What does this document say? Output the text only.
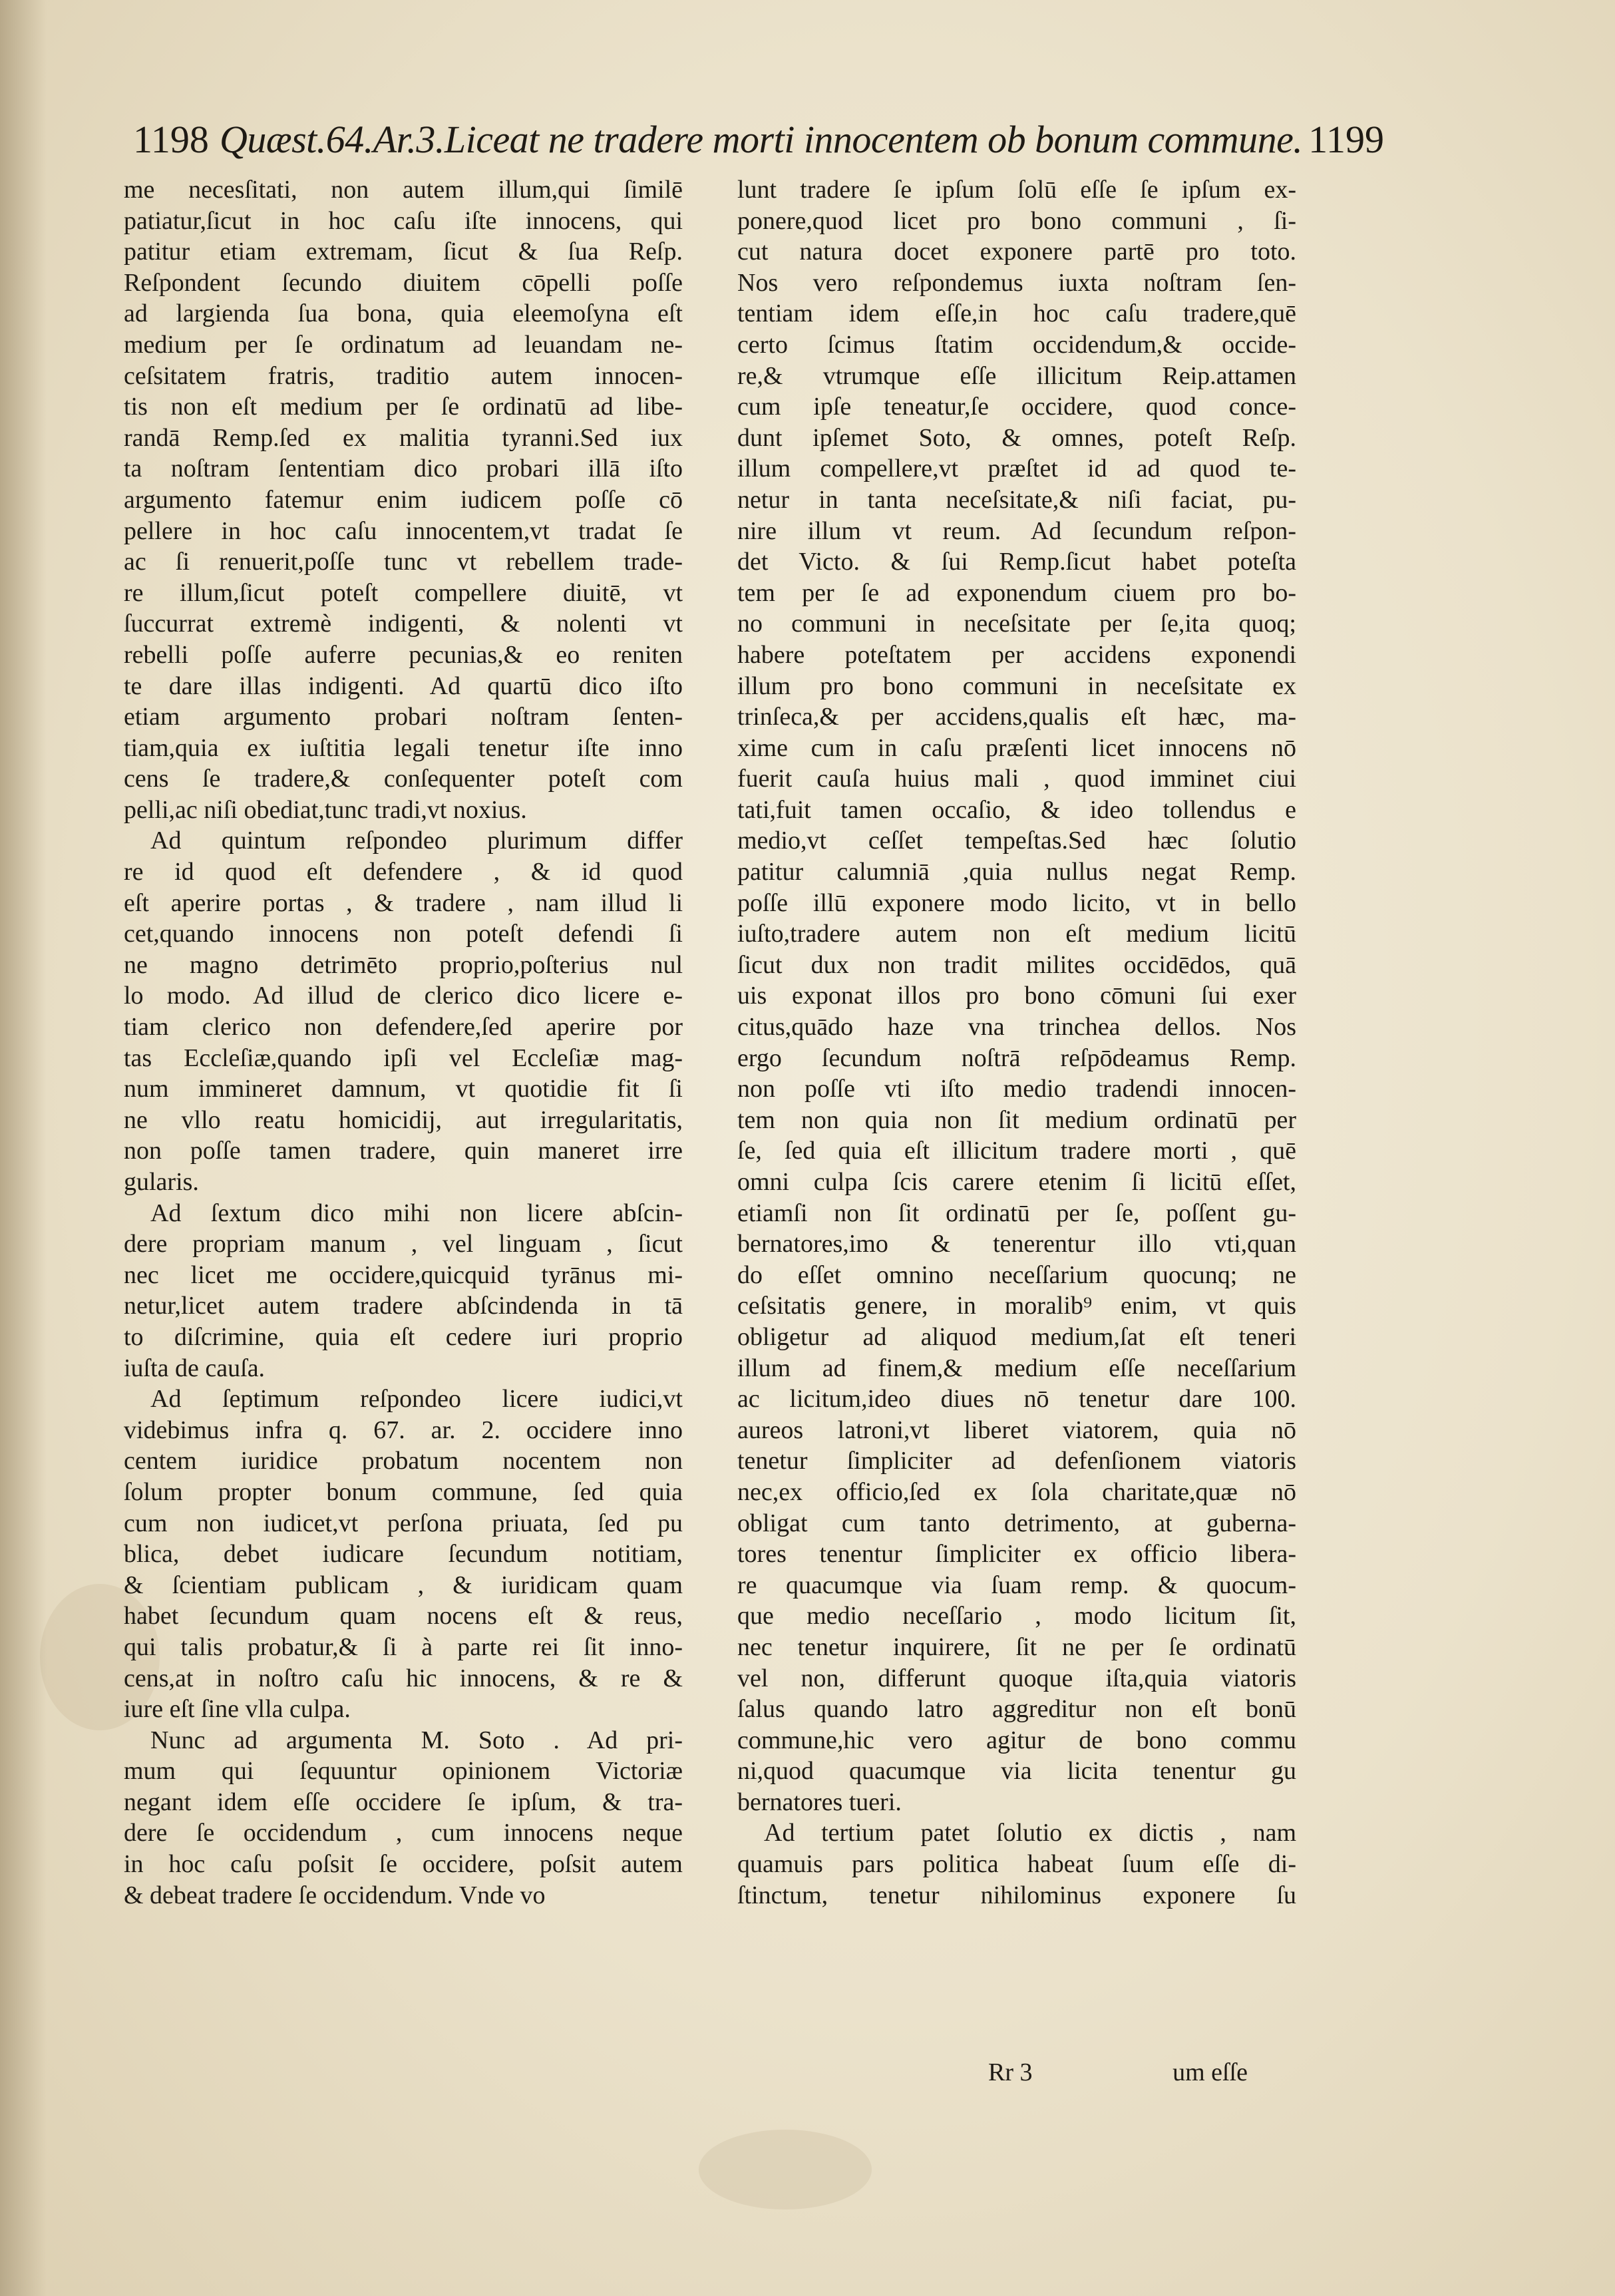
1198 Quæst.64.Ar.3.Liceat ne tradere morti innocentem ob bonum commune. 1199
me necesſitati, non autem illum,qui ſimilē
patiatur,ſicut in hoc caſu iſte innocens, qui
patitur etiam extremam, ſicut & ſua Reſp.
Reſpondent ſecundo diuitem cōpelli poſſe
ad largienda ſua bona, quia eleemoſyna eſt
medium per ſe ordinatum ad leuandam ne-
ceſsitatem fratris, traditio autem innocen-
tis non eſt medium per ſe ordinatū ad libe-
randā Remp.ſed ex malitia tyranni.Sed iux
ta noſtram ſententiam dico probari illā iſto
argumento fatemur enim iudicem poſſe cō
pellere in hoc caſu innocentem,vt tradat ſe
ac ſi renuerit,poſſe tunc vt rebellem trade-
re illum,ſicut poteſt compellere diuitē, vt
ſuccurrat extremè indigenti, & nolenti vt
rebelli poſſe auferre pecunias,& eo reniten
te dare illas indigenti. Ad quartū dico iſto
etiam argumento probari noſtram ſenten-
tiam,quia ex iuſtitia legali tenetur iſte inno
cens ſe tradere,& conſequenter poteſt com
pelli,ac niſi obediat,tunc tradi,vt noxius.
Ad quintum reſpondeo plurimum differ
re id quod eſt defendere , & id quod
eſt aperire portas , & tradere , nam illud li
cet,quando innocens non poteſt defendi ſi
ne magno detrimēto proprio,poſterius nul
lo modo. Ad illud de clerico dico licere e-
tiam clerico non defendere,ſed aperire por
tas Eccleſiæ,quando ipſi vel Eccleſiæ mag-
num immineret damnum, vt quotidie fit ſi
ne vllo reatu homicidij, aut irregularitatis,
non poſſe tamen tradere, quin maneret irre
gularis.
Ad ſextum dico mihi non licere abſcin-
dere propriam manum , vel linguam , ſicut
nec licet me occidere,quicquid tyrānus mi-
netur,licet autem tradere abſcindenda in tā
to diſcrimine, quia eſt cedere iuri proprio
iuſta de cauſa.
Ad ſeptimum reſpondeo licere iudici,vt
videbimus infra q. 67. ar. 2. occidere inno
centem iuridice probatum nocentem non
ſolum propter bonum commune, ſed quia
cum non iudicet,vt perſona priuata, ſed pu
blica, debet iudicare ſecundum notitiam,
& ſcientiam publicam , & iuridicam quam
habet ſecundum quam nocens eſt & reus,
qui talis probatur,& ſi à parte rei ſit inno-
cens,at in noſtro caſu hic innocens, & re &
iure eſt ſine vlla culpa.
Nunc ad argumenta M. Soto . Ad pri-
mum qui ſequuntur opinionem Victoriæ
negant idem eſſe occidere ſe ipſum, & tra-
dere ſe occidendum , cum innocens neque
in hoc caſu poſsit ſe occidere, poſsit autem
& debeat tradere ſe occidendum. Vnde vo
lunt tradere ſe ipſum ſolū eſſe ſe ipſum ex-
ponere,quod licet pro bono communi , ſi-
cut natura docet exponere partē pro toto.
Nos vero reſpondemus iuxta noſtram ſen-
tentiam idem eſſe,in hoc caſu tradere,quē
certo ſcimus ſtatim occidendum,& occide-
re,& vtrumque eſſe illicitum Reip.attamen
cum ipſe teneatur,ſe occidere, quod conce-
dunt ipſemet Soto, & omnes, poteſt Reſp.
illum compellere,vt præſtet id ad quod te-
netur in tanta neceſsitate,& niſi faciat, pu-
nire illum vt reum. Ad ſecundum reſpon-
det Victo. & ſui Remp.ſicut habet poteſta
tem per ſe ad exponendum ciuem pro bo-
no communi in neceſsitate per ſe,ita quoq;
habere poteſtatem per accidens exponendi
illum pro bono communi in neceſsitate ex
trinſeca,& per accidens,qualis eſt hæc, ma-
xime cum in caſu præſenti licet innocens nō
fuerit cauſa huius mali , quod imminet ciui
tati,fuit tamen occaſio, & ideo tollendus e
medio,vt ceſſet tempeſtas.Sed hæc ſolutio
patitur calumniā ,quia nullus negat Remp.
poſſe illū exponere modo licito, vt in bello
iuſto,tradere autem non eſt medium licitū
ſicut dux non tradit milites occidēdos, quā
uis exponat illos pro bono cōmuni ſui exer
citus,quādo haze vna trinchea dellos. Nos
ergo ſecundum noſtrā reſpōdeamus Remp.
non poſſe vti iſto medio tradendi innocen-
tem non quia non ſit medium ordinatū per
ſe, ſed quia eſt illicitum tradere morti , quē
omni culpa ſcis carere etenim ſi licitū eſſet,
etiamſi non ſit ordinatū per ſe, poſſent gu-
bernatores,imo & tenerentur illo vti,quan
do eſſet omnino neceſſarium quocunq; ne
ceſsitatis genere, in moralib⁹ enim, vt quis
obligetur ad aliquod medium,ſat eſt teneri
illum ad finem,& medium eſſe neceſſarium
ac licitum,ideo diues nō tenetur dare 100.
aureos latroni,vt liberet viatorem, quia nō
tenetur ſimpliciter ad defenſionem viatoris
nec,ex officio,ſed ex ſola charitate,quæ nō
obligat cum tanto detrimento, at guberna-
tores tenentur ſimpliciter ex officio libera-
re quacumque via ſuam remp. & quocum-
que medio neceſſario , modo licitum ſit,
nec tenetur inquirere, ſit ne per ſe ordinatū
vel non, differunt quoque iſta,quia viatoris
ſalus quando latro aggreditur non eſt bonū
commune,hic vero agitur de bono commu
ni,quod quacumque via licita tenentur gu
bernatores tueri.
Ad tertium patet ſolutio ex dictis , nam
quamuis pars politica habeat ſuum eſſe di-
ſtinctum, tenetur nihilominus exponere ſu
Rr 3	um eſſe
